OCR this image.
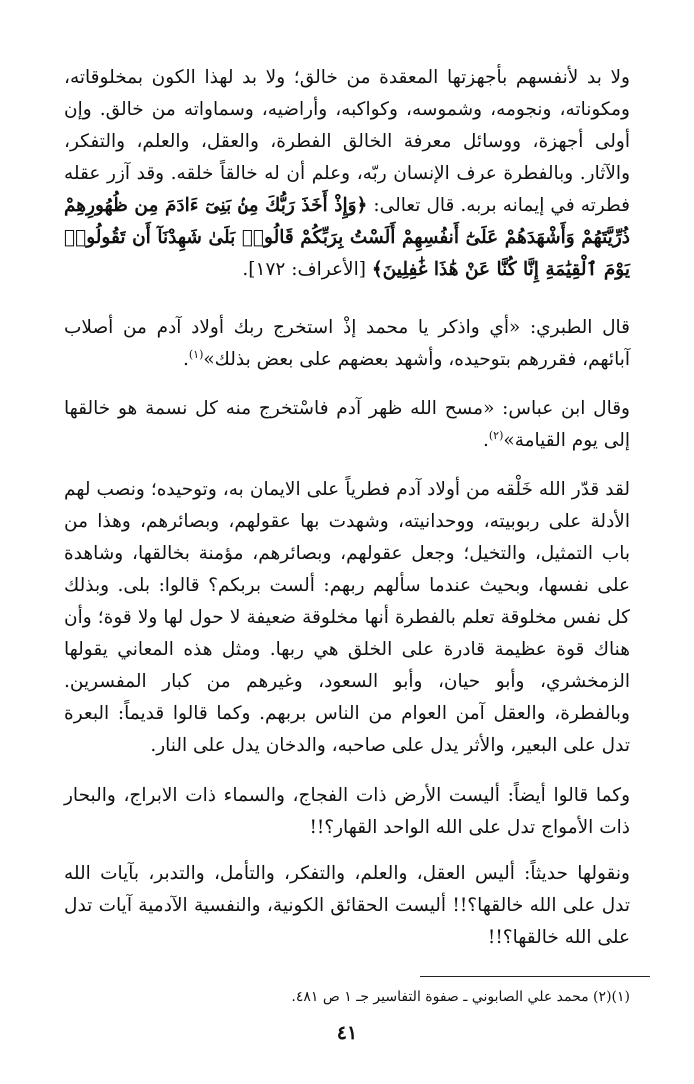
ولا بد لأنفسهم بأجهزتها المعقدة من خالق؛ ولا بد لهذا الكون بمخلوقاته، ومكوناته، ونجومه، وشموسه، وكواكبه، وأراضيه، وسماواته من خالق. وإن أولى أجهزة، ووسائل معرفة الخالق الفطرة، والعقل، والعلم، والتفكر، والآثار. وبالفطرة عرف الإنسان ربّه، وعلم أن له خالقاً خلقه. وقد آزر عقله فطرته في إيمانه بربه. قال تعالى: ﴿وَإِذْ أَخَذَ رَبُّكَ مِنۢ بَنِىٓ ءَادَمَ مِن ظُهُورِهِمْ ذُرِّيَّتَهُمْ وَأَشْهَدَهُمْ عَلَىٰٓ أَنفُسِهِمْ أَلَسْتُ بِرَبِّكُمْ قَالُوا۟ بَلَىٰ شَهِدْنَآ أَن تَقُولُوا۟ يَوْمَ ٱلْقِيَٰمَةِ إِنَّا كُنَّا عَنْ هَٰذَا غَٰفِلِينَ﴾ [الأعراف: ١٧٢].
قال الطبري: «أي واذكر يا محمد إذْ استخرج ربك أولاد آدم من أصلاب آبائهم، فقررهم بتوحيده، وأشهد بعضهم على بعض بذلك»$^{(١)}$.
وقال ابن عباس: «مسح الله ظهر آدم فاسْتخرج منه كل نسمة هو خالقها إلى يوم القيامة»$^{(٢)}$.
لقد قدّر الله خَلْقه من أولاد آدم فطرياً على الايمان به، وتوحيده؛ ونصب لهم الأدلة على ربوبيته، ووحدانيته، وشهدت بها عقولهم، وبصائرهم، وهذا من باب التمثيل، والتخيل؛ وجعل عقولهم، وبصائرهم، مؤمنة بخالقها، وشاهدة على نفسها، وبحيث عندما سألهم ربهم: ألست بربكم؟ قالوا: بلى. وبذلك كل نفس مخلوقة تعلم بالفطرة أنها مخلوقة ضعيفة لا حول لها ولا قوة؛ وأن هناك قوة عظيمة قادرة على الخلق هي ربها. ومثل هذه المعاني يقولها الزمخشري، وأبو حيان، وأبو السعود، وغيرهم من كبار المفسرين. وبالفطرة، والعقل آمن العوام من الناس بربهم. وكما قالوا قديماً: البعرة تدل على البعير، والأثر يدل على صاحبه، والدخان يدل على النار.
وكما قالوا أيضاً: أليست الأرض ذات الفجاج، والسماء ذات الابراج، والبحار ذات الأمواج تدل على الله الواحد القهار؟!!
ونقولها حديثاً: أليس العقل، والعلم، والتفكر، والتأمل، والتدبر، بآيات الله تدل على الله خالقها؟!! أليست الحقائق الكونية، والنفسية الآدمية آيات تدل على الله خالقها؟!!
(١)(٢) محمد علي الصابوني ـ صفوة التفاسير جـ ١ ص ٤٨١.
٤١
